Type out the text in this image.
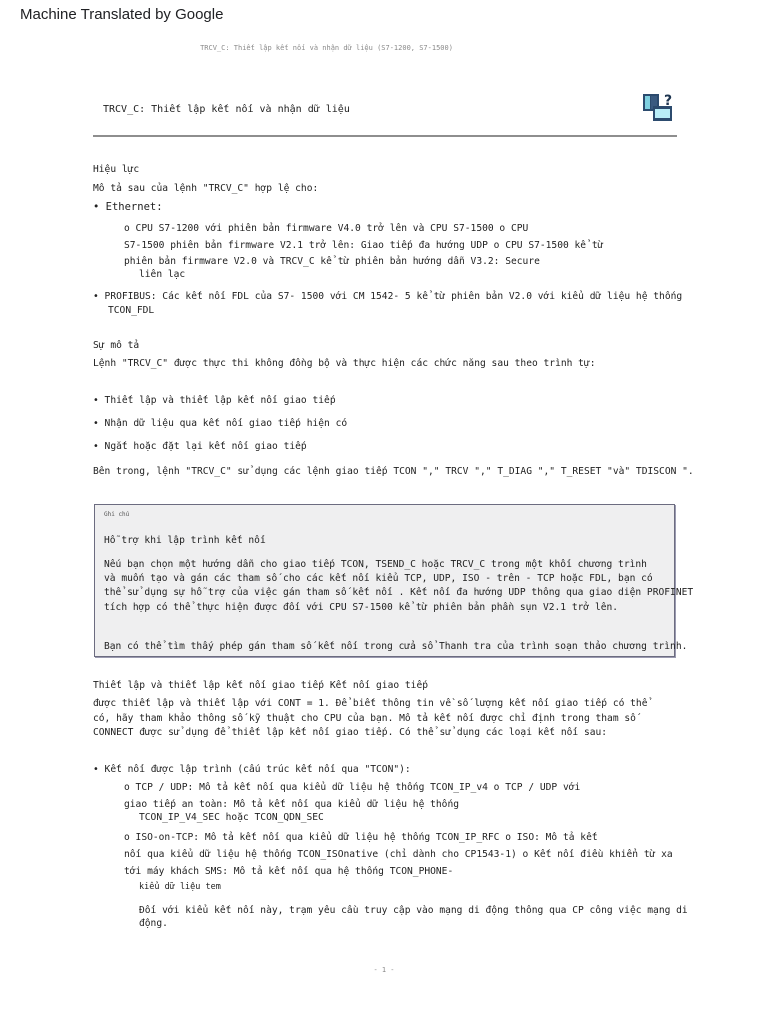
Machine Translated by Google
TRCV_C: Thiết lập kết nối và nhận dữ liệu (S7-1200, S7-1500)
TRCV_C: Thiết lập kết nối và nhận dữ liệu
?
Hiệu lực
Mô tả sau của lệnh "TRCV_C" hợp lệ cho:
• Ethernet:
o CPU S7-1200 với phiên bản firmware V4.0 trở lên và CPU S7-1500 o CPU
S7-1500 phiên bản firmware V2.1 trở lên: Giao tiếp đa hướng UDP o CPU S7-1500 kể từ
phiên bản firmware V2.0 và TRCV_C kể từ phiên bản hướng dẫn V3.2: Secure
liên lạc
• PROFIBUS: Các kết nối FDL của S7- 1500 với CM 1542- 5 kể từ phiên bản V2.0 với kiểu dữ liệu hệ thống
TCON_FDL
Sự mô tả
Lệnh "TRCV_C" được thực thi không đồng bộ và thực hiện các chức năng sau theo trình tự:
• Thiết lập và thiết lập kết nối giao tiếp
• Nhận dữ liệu qua kết nối giao tiếp hiện có
• Ngắt hoặc đặt lại kết nối giao tiếp
Bên trong, lệnh "TRCV_C" sử dụng các lệnh giao tiếp TCON "," TRCV "," T_DIAG "," T_RESET "và" TDISCON ".
Ghi chú
Hỗ trợ khi lập trình kết nối
Nếu bạn chọn một hướng dẫn cho giao tiếp TCON, TSEND_C hoặc TRCV_C trong một khối chương trình
và muốn tạo và gán các tham số cho các kết nối kiểu TCP, UDP, ISO - trên - TCP hoặc FDL, bạn có
thể sử dụng sự hỗ trợ của việc gán tham số kết nối . Kết nối đa hướng UDP thông qua giao diện PROFINET
tích hợp có thể thực hiện được đối với CPU S7-1500 kể từ phiên bản phần sụn V2.1 trở lên.
Bạn có thể tìm thấy phép gán tham số kết nối trong cửa sổ Thanh tra của trình soạn thảo chương trình.
Thiết lập và thiết lập kết nối giao tiếp Kết nối giao tiếp
được thiết lập và thiết lập với CONT = 1. Để biết thông tin về số lượng kết nối giao tiếp có thể
có, hãy tham khảo thông số kỹ thuật cho CPU của bạn. Mô tả kết nối được chỉ định trong tham số
CONNECT được sử dụng để thiết lập kết nối giao tiếp. Có thể sử dụng các loại kết nối sau:
• Kết nối được lập trình (cấu trúc kết nối qua "TCON"):
o TCP / UDP: Mô tả kết nối qua kiểu dữ liệu hệ thống TCON_IP_v4 o TCP / UDP với
giao tiếp an toàn: Mô tả kết nối qua kiểu dữ liệu hệ thống
TCON_IP_V4_SEC hoặc TCON_QDN_SEC
o ISO-on-TCP: Mô tả kết nối qua kiểu dữ liệu hệ thống TCON_IP_RFC o ISO: Mô tả kết
nối qua kiểu dữ liệu hệ thống TCON_ISOnative (chỉ dành cho CP1543-1) o Kết nối điều khiển từ xa
tới máy khách SMS: Mô tả kết nối qua hệ thống TCON_PHONE-
kiểu dữ liệu tem
Đối với kiểu kết nối này, trạm yêu cầu truy cập vào mạng di động thông qua CP công việc mạng di
động.
- 1 -
